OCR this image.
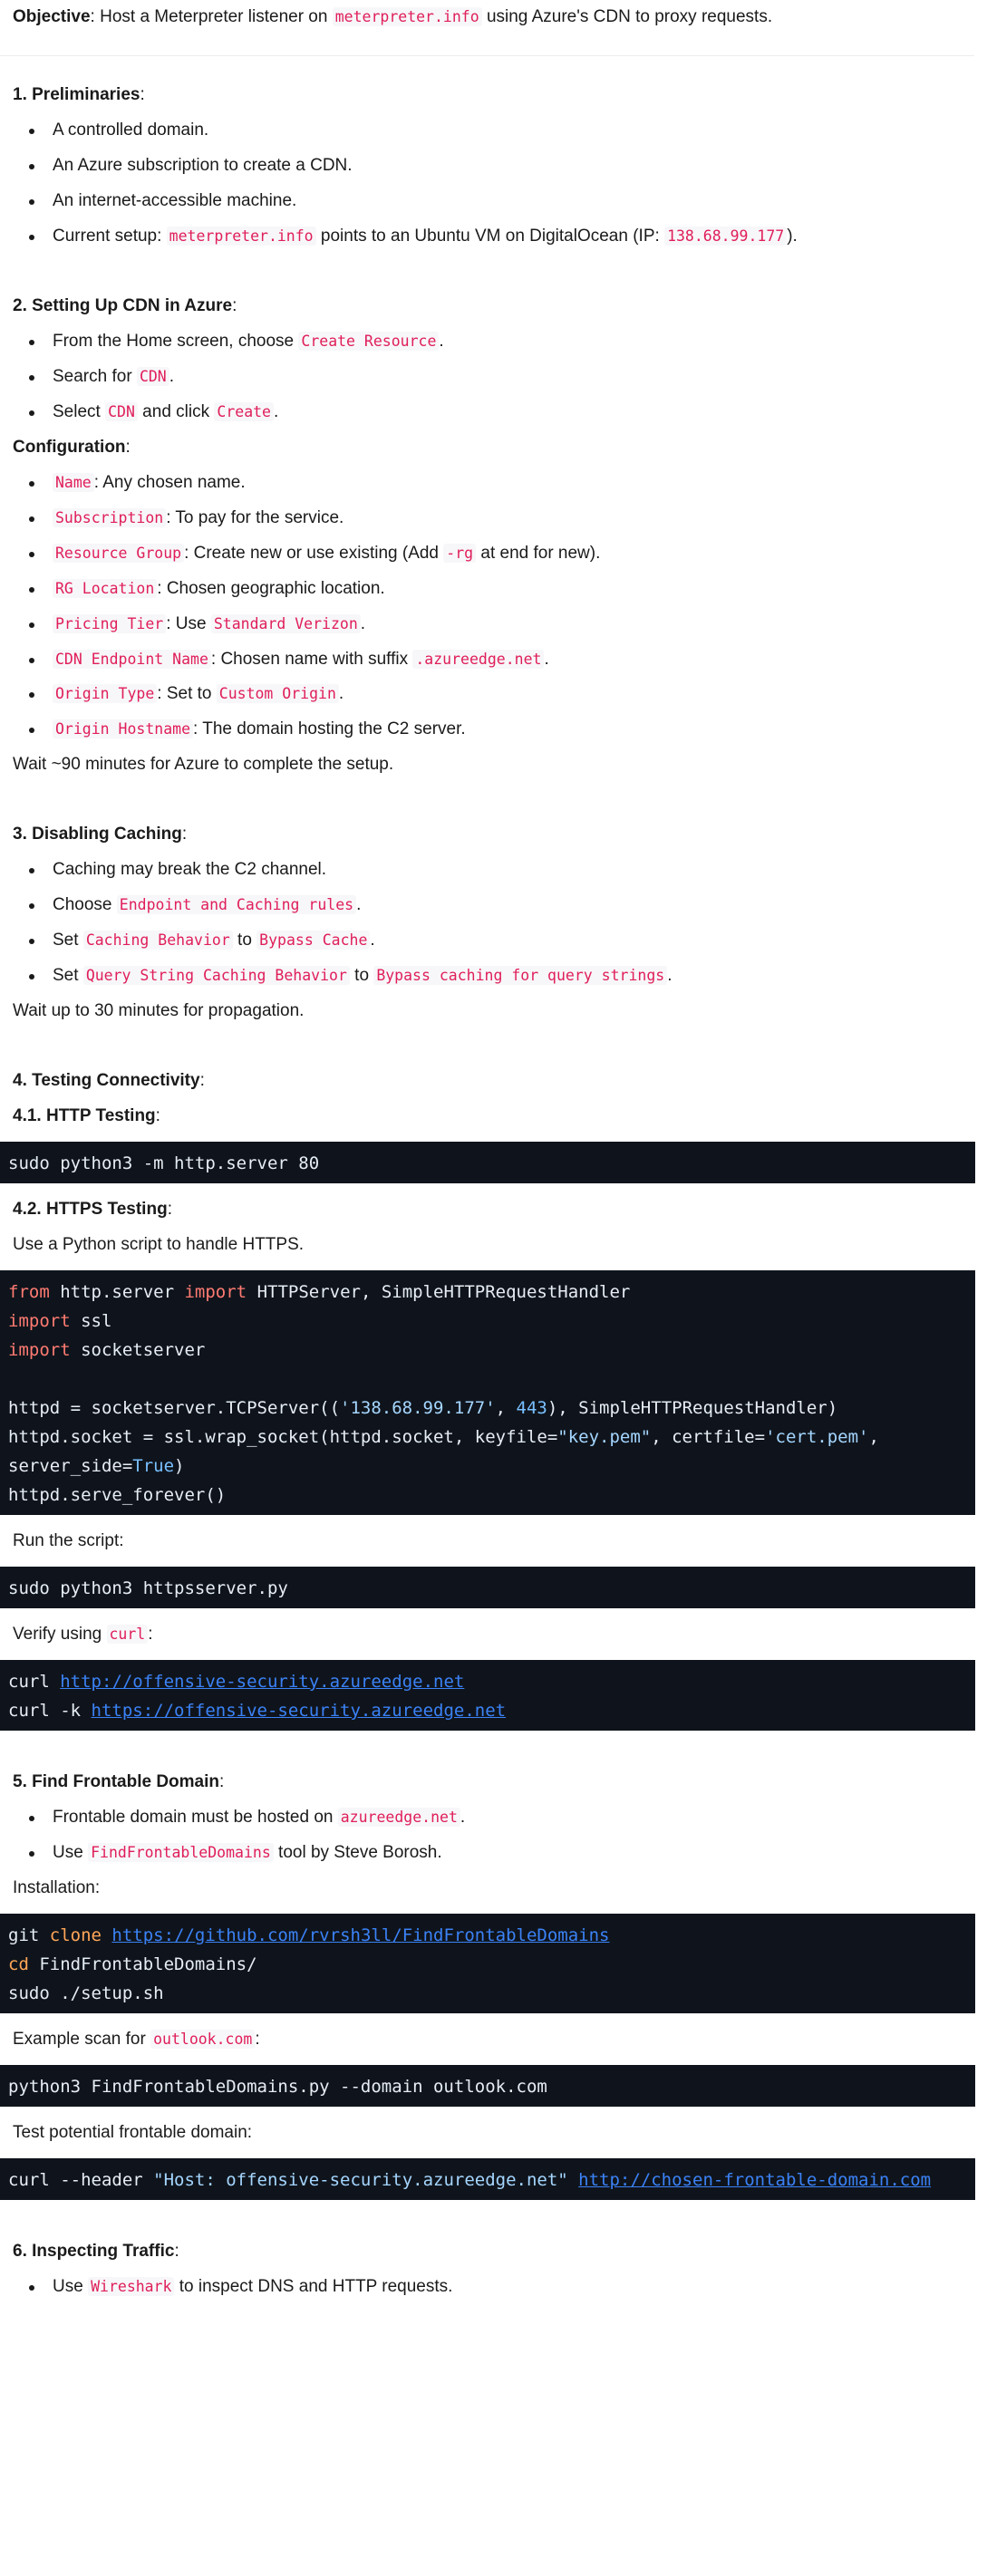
Objective: Host a Meterpreter listener on meterpreter.info using Azure's CDN to proxy requests.

1. Preliminaries:

A controlled domain.
An Azure subscription to create a CDN.
An internet-accessible machine.
Current setup: meterpreter.info points to an Ubuntu VM on DigitalOcean (IP: 138.68.99.177 ).

2. Setting Up CDN in Azure:

From the Home screen, choose Create Resource .
Search for CDN .
Select CDN and click Create .

Configuration:

Name : Any chosen name.
Subscription : To pay for the service.
Resource Group : Create new or use existing (Add -rg at end for new).
RG Location : Chosen geographic location.
Pricing Tier : Use Standard Verizon .
CDN Endpoint Name : Chosen name with suffix .azureedge.net .
Origin Type : Set to Custom Origin .
Origin Hostname : The domain hosting the C2 server.

Wait ~90 minutes for Azure to complete the setup.

3. Disabling Caching:

Caching may break the C2 channel.
Choose Endpoint and Caching rules .
Set Caching Behavior to Bypass Cache .
Set Query String Caching Behavior to Bypass caching for query strings .

Wait up to 30 minutes for propagation.

4. Testing Connectivity:

4.1. HTTP Testing:

sudo python3 -m http.server 80

4.2. HTTPS Testing:

Use a Python script to handle HTTPS.

from http.server import HTTPServer, SimpleHTTPRequestHandler
import ssl
import socketserver
httpd = socketserver.TCPServer(('138.68.99.177', 443), SimpleHTTPRequestHandler)
httpd.socket = ssl.wrap_socket(httpd.socket, keyfile="key.pem", certfile='cert.pem',
server_side=True)
httpd.serve_forever()

Run the script:

sudo python3 httpsserver.py

Verify using curl :

curl http://offensive-security.azureedge.net
curl -k https://offensive-security.azureedge.net

5. Find Frontable Domain:

Frontable domain must be hosted on azureedge.net .
Use FindFrontableDomains tool by Steve Borosh.

Installation:

git clone https://github.com/rvrsh3ll/FindFrontableDomains
cd FindFrontableDomains/
sudo ./setup.sh

Example scan for outlook.com :

python3 FindFrontableDomains.py --domain outlook.com

Test potential frontable domain:

curl --header "Host: offensive-security.azureedge.net" http://chosen-frontable-domain.com

6. Inspecting Traffic:

Use Wireshark to inspect DNS and HTTP requests.
